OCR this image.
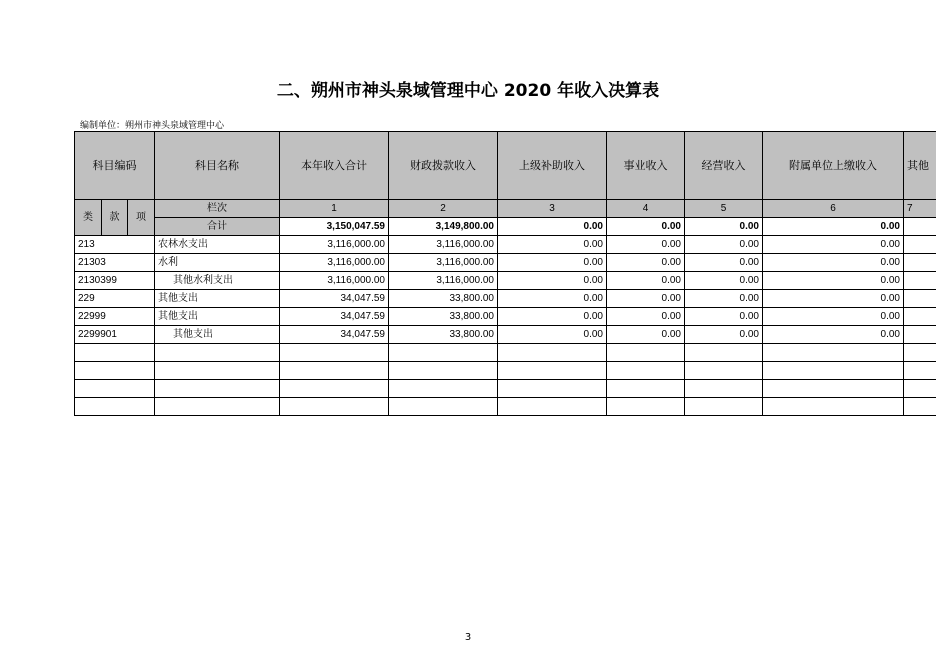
二、朔州市神头泉域管理中心 2020 年收入决算表
编制单位：朔州市神头泉域管理中心
科目编码			科目名称	本年收入合计	财政拨款收入	上级补助收入	事业收入	经营收入	附属单位上缴收入	其他
类	款	项	栏次	1	2	3	4	5	6	7
			合计	3,150,047.59	3,149,800.00	0.00	0.00	0.00	0.00	
213			农林水支出	3,116,000.00	3,116,000.00	0.00	0.00	0.00	0.00	
21303			水利	3,116,000.00	3,116,000.00	0.00	0.00	0.00	0.00	
2130399			其他水利支出	3,116,000.00	3,116,000.00	0.00	0.00	0.00	0.00	
229			其他支出	34,047.59	33,800.00	0.00	0.00	0.00	0.00	
22999			其他支出	34,047.59	33,800.00	0.00	0.00	0.00	0.00	
2299901			其他支出	34,047.59	33,800.00	0.00	0.00	0.00	0.00	

3
